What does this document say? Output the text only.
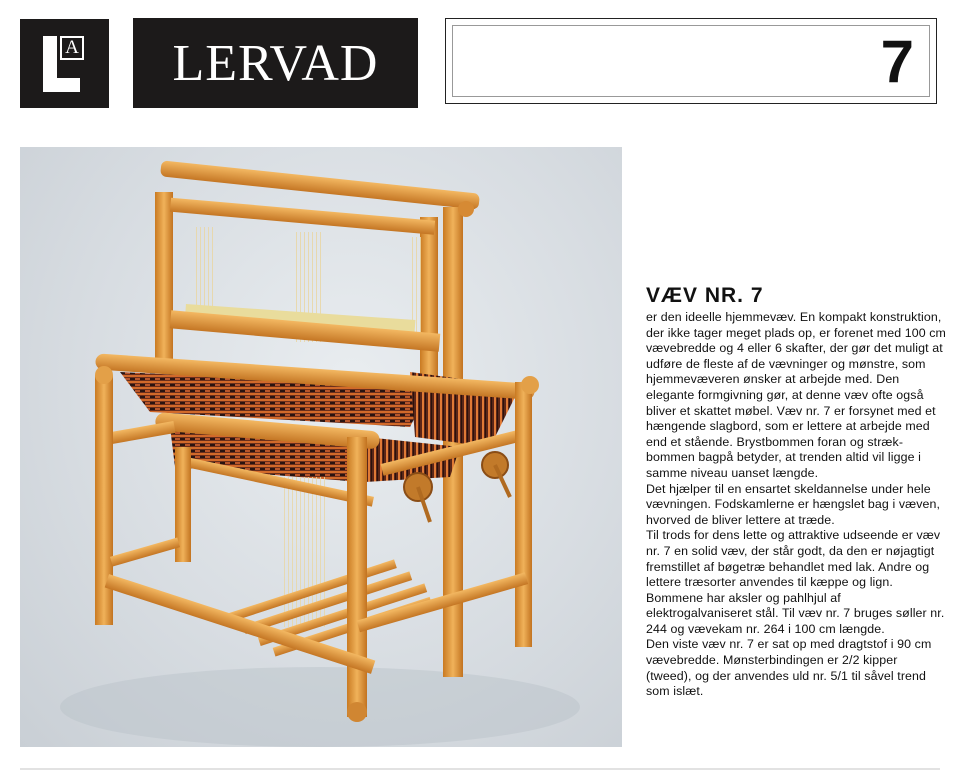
A LERVAD	7
VÆV NR. 7

er den ideelle hjemmevæv. En kompakt konstruktion, der ikke tager meget plads op, er forenet med 100 cm vævebredde og 4 eller 6 skafter, der gør det muligt at udføre de fleste af de vævninger og mønstre, som hjemmevæveren ønsker at arbejde med. Den elegante formgivning gør, at denne væv ofte også bliver et skattet møbel. Væv nr. 7 er forsynet med et hængende slagbord, som er lettere at arbejde med end et stående. Brystbommen foran og stræk-bommen bagpå betyder, at trenden altid vil ligge i samme niveau uanset længde.

Det hjælper til en ensartet skeldannelse under hele vævningen. Fodskamlerne er hængslet bag i væven, hvorved de bliver lettere at træde.

Til trods for dens lette og attraktive udseende er væv nr. 7 en solid væv, der står godt, da den er nøjagtigt fremstillet af bøgetræ behandlet med lak. Andre og lettere træsorter anvendes til kæppe og lign.

Bommene har aksler og pahlhjul af elektrogalvaniseret stål. Til væv nr. 7 bruges søller nr. 244 og vævekam nr. 264 i 100 cm længde.

Den viste væv nr. 7 er sat op med dragtstof i 90 cm vævebredde. Mønsterbindingen er 2/2 kipper (tweed), og der anvendes uld nr. 5/1 til såvel trend som islæt.
